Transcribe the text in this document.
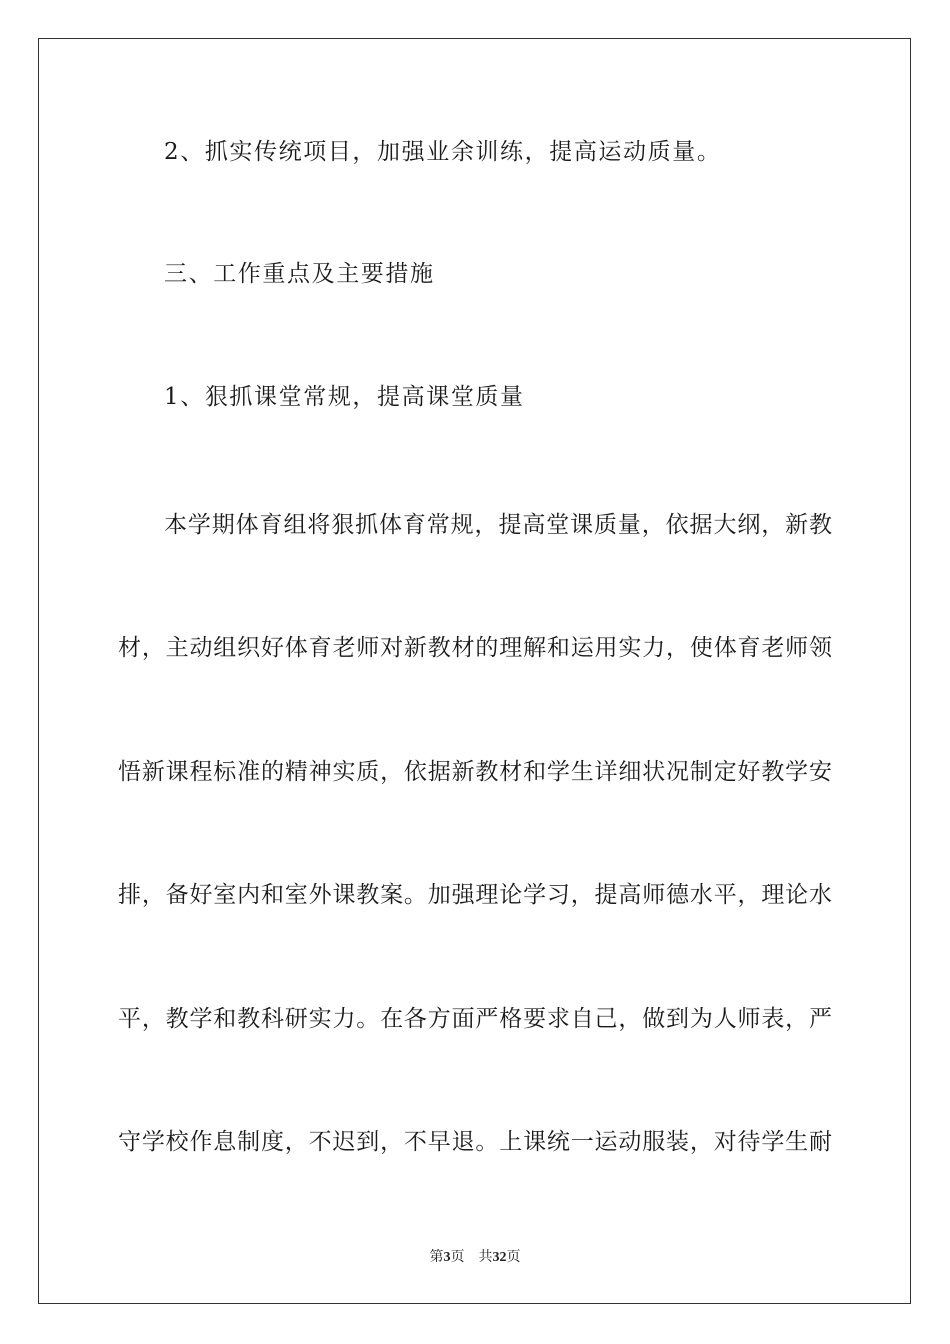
2、抓实传统项目，加强业余训练，提高运动质量。
三、工作重点及主要措施
1、狠抓课堂常规，提高课堂质量
本学期体育组将狠抓体育常规，提高堂课质量，依据大纲，新教
材，主动组织好体育老师对新教材的理解和运用实力，使体育老师领
悟新课程标准的精神实质，依据新教材和学生详细状况制定好教学安
排，备好室内和室外课教案。加强理论学习，提高师德水平，理论水
平，教学和教科研实力。在各方面严格要求自己，做到为人师表，严
守学校作息制度，不迟到，不早退。上课统一运动服装，对待学生耐
第3页 共32页
